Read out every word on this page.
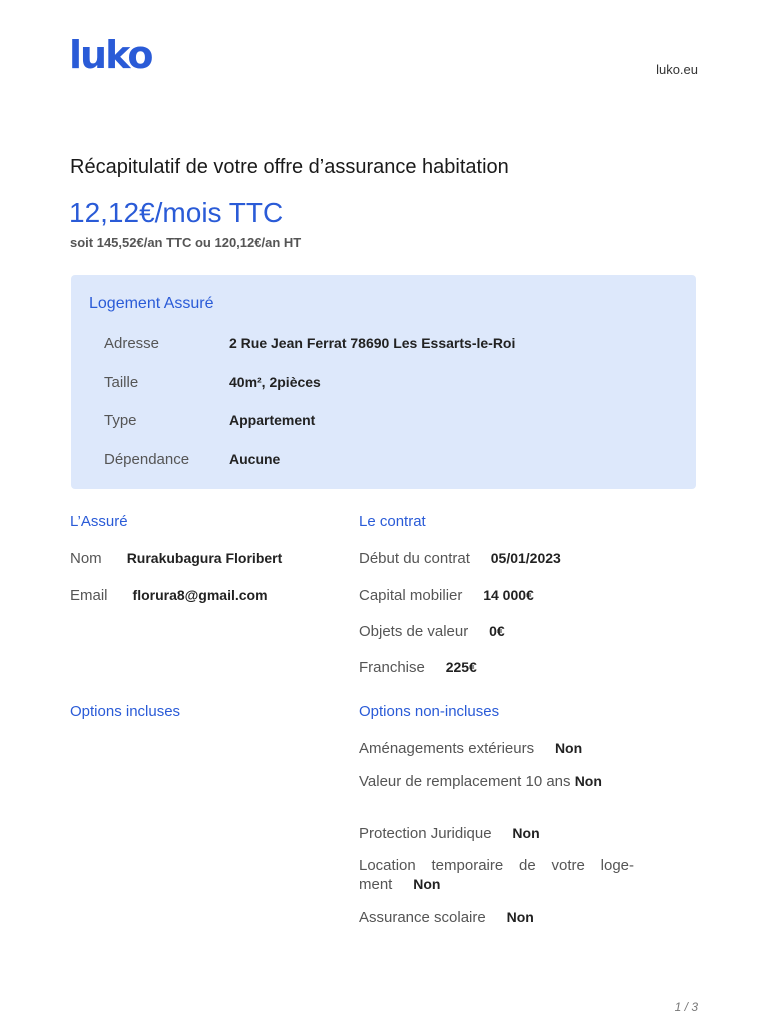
luko	luko.eu
Récapitulatif de votre offre d’assurance habitation
12,12€/mois TTC
soit 145,52€/an TTC ou 120,12€/an HT
Logement Assuré
Adresse	2 Rue Jean Ferrat 78690 Les Essarts-le-Roi
Taille	40m², 2pièces
Type	Appartement
Dépendance	Aucune
L’Assuré
Nom Rurakubagura Floribert
Email florura8@gmail.com
Le contrat
Début du contrat 05/01/2023
Capital mobilier 14 000€
Objets de valeur 0€
Franchise 225€
Options incluses	Options non-incluses
Aménagements extérieurs Non
Valeur de remplacement 10 ans Non
Protection Juridique Non
Location temporaire de votre loge-ment Non
Assurance scolaire Non
1 / 3
